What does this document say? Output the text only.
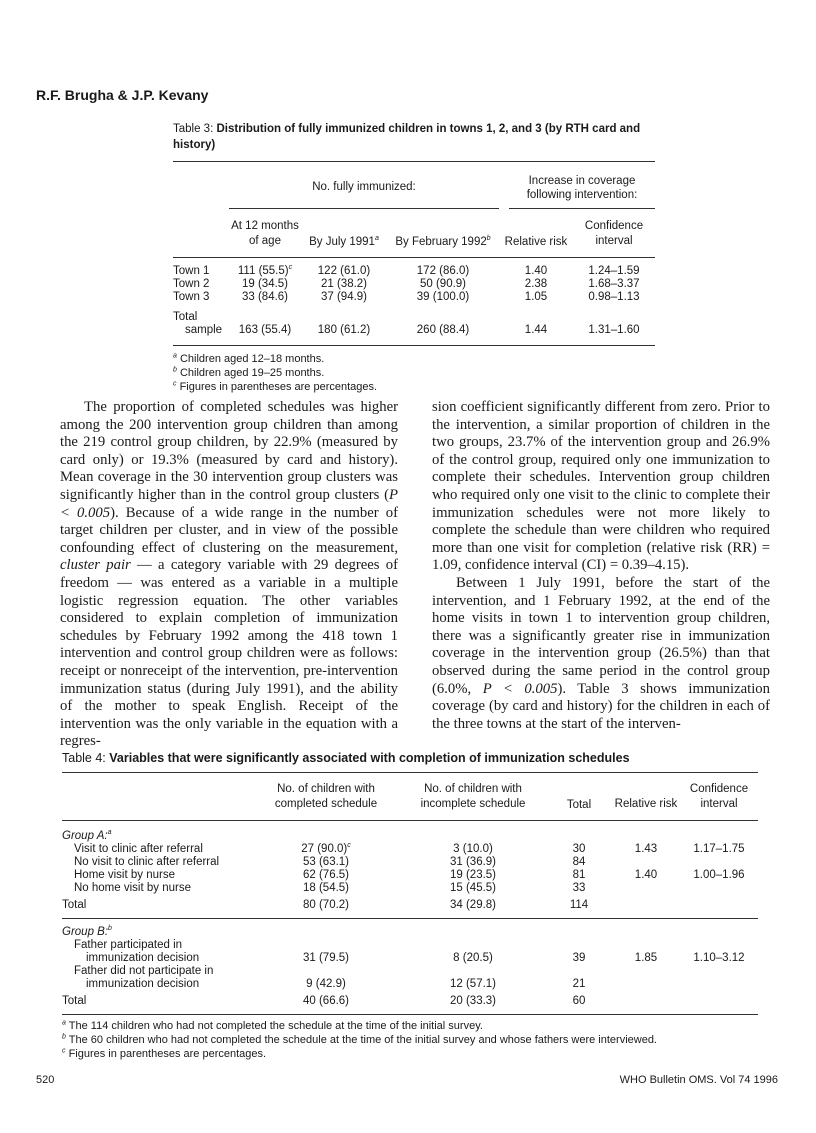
R.F. Brugha & J.P. Kevany
Table 3: Distribution of fully immunized children in towns 1, 2, and 3 (by RTH card and history)

	No. fully immunized:			Increase in coverage following intervention:	

	At 12 months of age	By July 1991$^a$	By February 1992$^b$	Relative risk	Confidence interval
Town 1	111 $(55.5)^c$	122 (61.0)	172 (86.0)	1.40	1.24–1.59
Town 2	19 (34.5)	21 (38.2)	50 (90.9)	2.38	1.68–3.37
Town 3	33 (84.6)	37 (94.9)	39 (100.0)	1.05	0.98–1.13
Total					
sample	163 (55.4)	180 (61.2)	260 (88.4)	1.44	1.31–1.60
$^a$ Children aged 12–18 months.
$^b$ Children aged 19–25 months.
$^c$ Figures in parentheses are percentages.

The proportion of completed schedules was higher among the 200 intervention group children than among the 219 control group children, by 22.9% (measured by card only) or 19.3% (measured by card and history). Mean coverage in the 30 intervention group clusters was significantly higher than in the control group clusters (P < 0.005). Because of a wide range in the number of target children per cluster, and in view of the possible confounding effect of clustering on the measurement, cluster pair — a category variable with 29 degrees of freedom — was entered as a variable in a multiple logistic regression equation. The other variables considered to explain completion of immunization schedules by February 1992 among the 418 town 1 intervention and control group children were as follows: receipt or nonreceipt of the intervention, pre-intervention immunization status (during July 1991), and the ability of the mother to speak English. Receipt of the intervention was the only variable in the equation with a regres-

sion coefficient significantly different from zero. Prior to the intervention, a similar proportion of children in the two groups, 23.7% of the intervention group and 26.9% of the control group, required only one immunization to complete their schedules. Intervention group children who required only one visit to the clinic to complete their immunization schedules were not more likely to complete the schedule than were children who required more than one visit for completion (relative risk (RR) = 1.09, confidence interval (CI) = 0.39–4.15).

Between 1 July 1991, before the start of the intervention, and 1 February 1992, at the end of the home visits in town 1 to intervention group children, there was a significantly greater rise in immunization coverage in the intervention group (26.5%) than that observed during the same period in the control group (6.0%, P < 0.005). Table 3 shows immunization coverage (by card and history) for the children in each of the three towns at the start of the interven-

Table 4: Variables that were significantly associated with completion of immunization schedules
	No. of children with completed schedule	No. of children with incomplete schedule	Total	Relative risk	Confidence interval
Group A:$^a$	
Visit to clinic after referral	27 $(90.0)^c$	3 (10.0)	30	1.43	1.17–1.75
No visit to clinic after referral	53 (63.1)	31 (36.9)	84		
Home visit by nurse	62 (76.5)	19 (23.5)	81	1.40	1.00–1.96
No home visit by nurse	18 (54.5)	15 (45.5)	33		
Total	80 (70.2)	34 (29.8)	114		
Group B:$^b$	
Father participated in					
immunization decision	31 (79.5)	8 (20.5)	39	1.85	1.10–3.12
Father did not participate in					
immunization decision	9 (42.9)	12 (57.1)	21		
Total	40 (66.6)	20 (33.3)	60		
$^a$ The 114 children who had not completed the schedule at the time of the initial survey.
$^b$ The 60 children who had not completed the schedule at the time of the initial survey and whose fathers were interviewed.
$^c$ Figures in parentheses are percentages.
520	WHO Bulletin OMS. Vol 74 1996
